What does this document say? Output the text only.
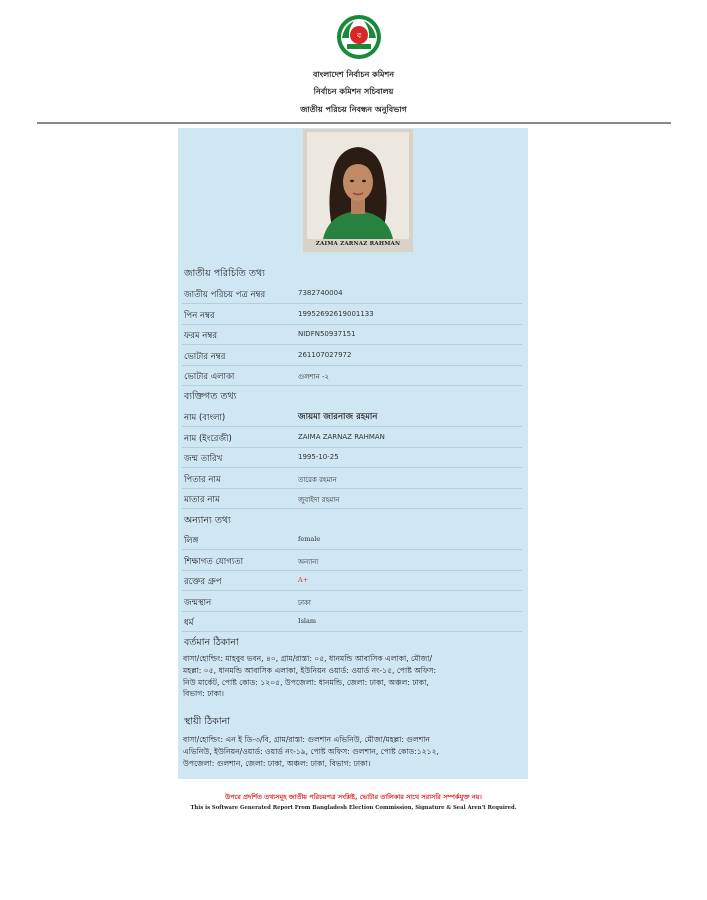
ব
বাংলাদেশ নির্বাচন কমিশন
নির্বাচন কমিশন সচিবালয়
জাতীয় পরিচয় নিবন্ধন অনুবিভাগ
ZAIMA ZARNAZ RAHMAN
জাতীয় পরিচিতি তথ্য
জাতীয় পরিচয় পত্র নম্বর	7382740004
পিন নম্বর	19952692619001133
ফরম নম্বর	NIDFN50937151
ভোটার নম্বর	261107027972
ভোটার এলাকা	গুলশান -২
ব্যক্তিগত তথ্য
নাম (বাংলা)	জায়মা জারনাজ রহমান
নাম (ইংরেজী)	ZAIMA ZARNAZ RAHMAN
জন্ম তারিখ	1995-10-25
পিতার নাম	তারেক রহমান
মাতার নাম	জুবাইদা রহমান
অন্যান্য তথ্য
লিঙ্গ	female
শিক্ষাগত যোগ্যতা	অন্যান্য
রক্তের গ্রুপ	A+
জন্মস্থান	ঢাকা
ধর্ম	Islam
বর্তমান ঠিকানা
বাসা/হোল্ডিং: মাহবুব ভবন, ৪০, গ্রাম/রাস্তা: ০৫, ধানমন্ডি আবাসিক এলাকা, মৌজা/
মহল্লা: ০৫, ধানমন্ডি আবাসিক এলাকা, ইউনিয়ন ওয়ার্ড: ওয়ার্ড নং-১৫, পোষ্ট অফিস:
নিউ মার্কেট, পোষ্ট কোড: ১২০৫, উপজেলা: ধানমন্ডি, জেলা: ঢাকা, অঞ্চল: ঢাকা,
বিভাগ: ঢাকা।
স্থায়ী ঠিকানা
বাসা/হোল্ডিং: এন ই ডি-৩/বি, গ্রাম/রাস্তা: গুলশান এভিনিউ, মৌজা/মহল্লা: গুলশান
এভিনিউ, ইউনিয়ন/ওয়ার্ড: ওয়ার্ড নং-১৯, পোষ্ট অফিস: গুলশান, পোষ্ট কোড:১২১২,
উপজেলা: গুলশান, জেলা: ঢাকা, অঞ্চল: ঢাকা, বিভাগ: ঢাকা।
উপরে প্রদর্শিত তথ্যসমূহ জাতীয় পরিচয়পত্র সংশ্লিষ্ট, ভোটার তালিকার সাথে সরাসরি সম্পর্কযুক্ত নয়।
This is Software Generated Report From Bangladesh Election Commission, Signature & Seal Aren't Required.
